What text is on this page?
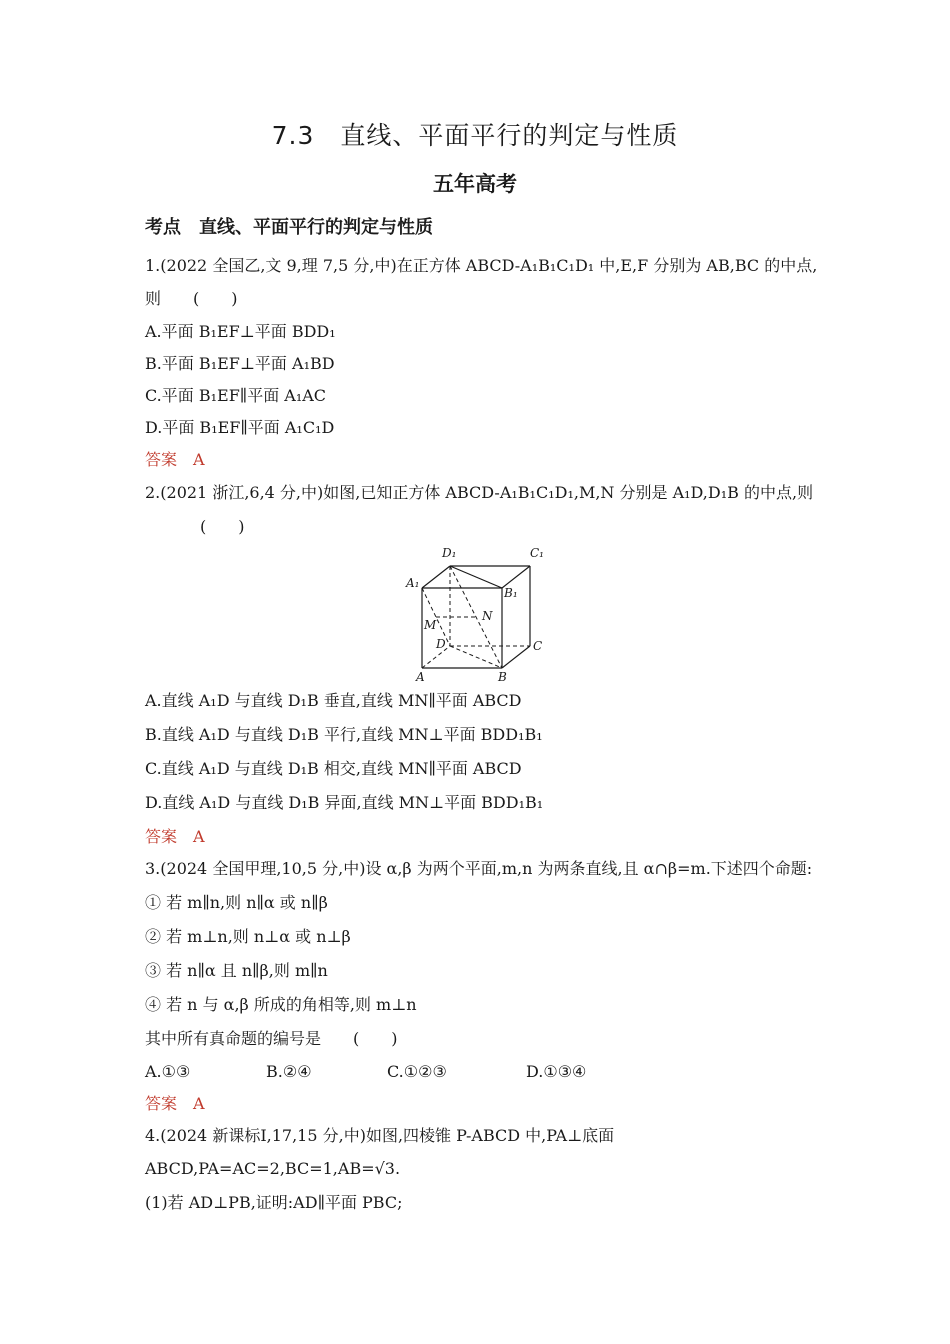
7.3　直线、平面平行的判定与性质
五年高考
考点　直线、平面平行的判定与性质
1.(2022 全国乙,文 9,理 7,5 分,中)在正方体 ABCD-A₁B₁C₁D₁ 中,E,F 分别为 AB,BC 的中点,
则　　(　　)
A.平面 B₁EF⊥平面 BDD₁
B.平面 B₁EF⊥平面 A₁BD
C.平面 B₁EF∥平面 A₁AC
D.平面 B₁EF∥平面 A₁C₁D
答案　A
2.(2021 浙江,6,4 分,中)如图,已知正方体 ABCD-A₁B₁C₁D₁,M,N 分别是 A₁D,D₁B 的中点,则
(　　)
D₁	C₁
A₁
B₁
N
M
D	C
A	B
A.直线 A₁D 与直线 D₁B 垂直,直线 MN∥平面 ABCD
B.直线 A₁D 与直线 D₁B 平行,直线 MN⊥平面 BDD₁B₁
C.直线 A₁D 与直线 D₁B 相交,直线 MN∥平面 ABCD
D.直线 A₁D 与直线 D₁B 异面,直线 MN⊥平面 BDD₁B₁
答案　A
3.(2024 全国甲理,10,5 分,中)设 α,β 为两个平面,m,n 为两条直线,且 α∩β=m.下述四个命题:
① 若 m∥n,则 n∥α 或 n∥β
② 若 m⊥n,则 n⊥α 或 n⊥β
③ 若 n∥α 且 n∥β,则 m∥n
④ 若 n 与 α,β 所成的角相等,则 m⊥n
其中所有真命题的编号是　　(　　)
A.①③	B.②④	C.①②③	D.①③④
答案　A
4.(2024 新课标Ⅰ,17,15 分,中)如图,四棱锥 P-ABCD 中,PA⊥底面
ABCD,PA=AC=2,BC=1,AB=√3.
(1)若 AD⊥PB,证明:AD∥平面 PBC;
